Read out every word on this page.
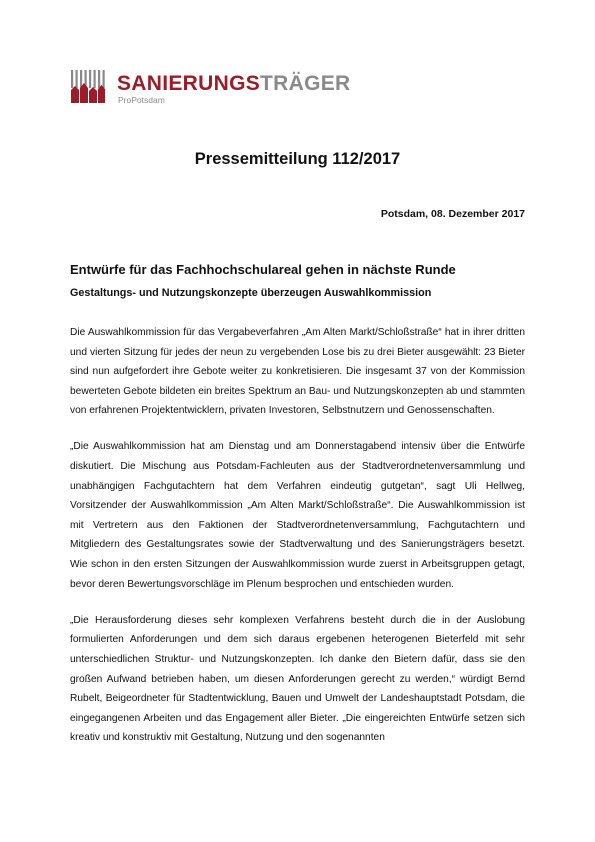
SANIERUNGSTRÄGER
ProPotsdam
Pressemitteilung 112/2017
Potsdam, 08. Dezember 2017
Entwürfe für das Fachhochschulareal gehen in nächste Runde
Gestaltungs- und Nutzungskonzepte überzeugen Auswahlkommission

Die Auswahlkommission für das Vergabeverfahren „Am Alten Markt/Schloßstraße“ hat in ihrer dritten und vierten Sitzung für jedes der neun zu vergebenden Lose bis zu drei Bieter ausgewählt: 23 Bieter sind nun aufgefordert ihre Gebote weiter zu konkretisieren. Die insgesamt 37 von der Kommission bewerteten Gebote bildeten ein breites Spektrum an Bau- und Nutzungskonzepten ab und stammten von erfahrenen Projektentwicklern, privaten Investoren, Selbstnutzern und Genossenschaften.

„Die Auswahlkommission hat am Dienstag und am Donnerstagabend intensiv über die Entwürfe diskutiert. Die Mischung aus Potsdam-Fachleuten aus der Stadtverordnetenversammlung und unabhängigen Fachgutachtern hat dem Verfahren eindeutig gutgetan“, sagt Uli Hellweg, Vorsitzender der Auswahlkommission „Am Alten Markt/Schloßstraße“. Die Auswahlkommission ist mit Vertretern aus den Faktionen der Stadtverordnetenversammlung, Fachgutachtern und Mitgliedern des Gestaltungsrates sowie der Stadtverwaltung und des Sanierungsträgers besetzt. Wie schon in den ersten Sitzungen der Auswahlkommission wurde zuerst in Arbeitsgruppen getagt, bevor deren Bewertungsvorschläge im Plenum besprochen und entschieden wurden.

„Die Herausforderung dieses sehr komplexen Verfahrens besteht durch die in der Auslobung formulierten Anforderungen und dem sich daraus ergebenen heterogenen Bieterfeld mit sehr unterschiedlichen Struktur- und Nutzungskonzepten. Ich danke den Bietern dafür, dass sie den großen Aufwand betrieben haben, um diesen Anforderungen gerecht zu werden,“ würdigt Bernd Rubelt, Beigeordneter für Stadtentwicklung, Bauen und Umwelt der Landeshauptstadt Potsdam, die eingegangenen Arbeiten und das Engagement aller Bieter. „Die eingereichten Entwürfe setzen sich kreativ und konstruktiv mit Gestaltung, Nutzung und den sogenannten
